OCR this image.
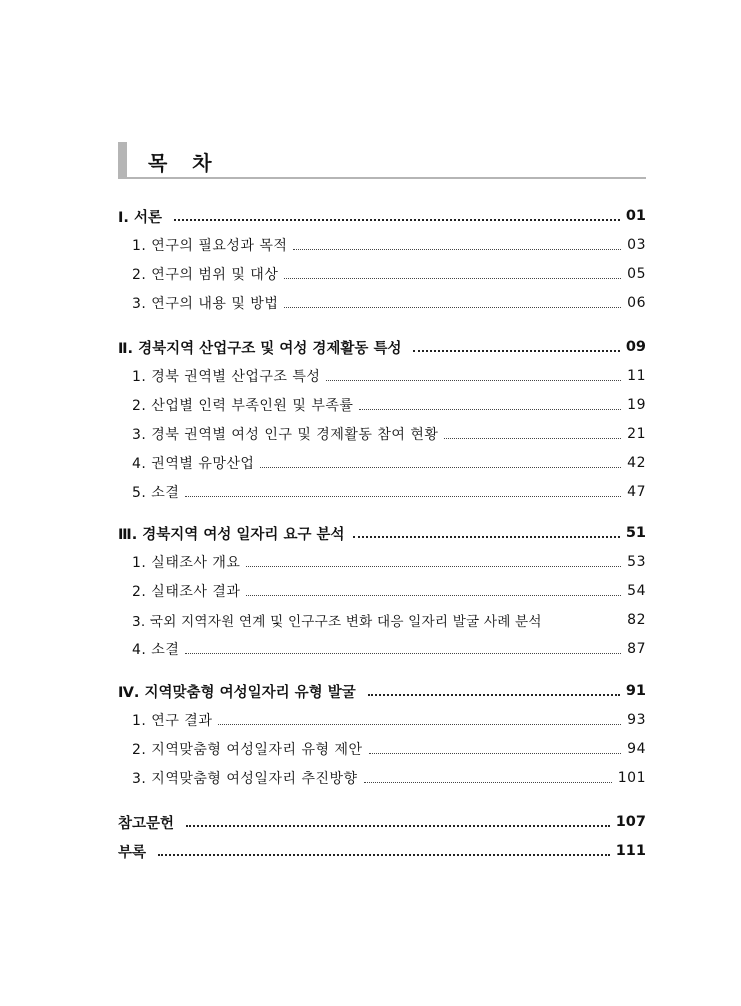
목 차
Ⅰ. 서론	01
1. 연구의 필요성과 목적	03
2. 연구의 범위 및 대상	05
3. 연구의 내용 및 방법	06
Ⅱ. 경북지역 산업구조 및 여성 경제활동 특성	09
1. 경북 권역별 산업구조 특성	11
2. 산업별 인력 부족인원 및 부족률	19
3. 경북 권역별 여성 인구 및 경제활동 참여 현황	21
4. 권역별 유망산업	42
5. 소결	47
Ⅲ. 경북지역 여성 일자리 요구 분석	51
1. 실태조사 개요	53
2. 실태조사 결과	54
3. 국외 지역자원 연계 및 인구구조 변화 대응 일자리 발굴 사례 분석	82
4. 소결	87
Ⅳ. 지역맞춤형 여성일자리 유형 발굴	91
1. 연구 결과	93
2. 지역맞춤형 여성일자리 유형 제안	94
3. 지역맞춤형 여성일자리 추진방향	101
참고문헌	107
부록	111
